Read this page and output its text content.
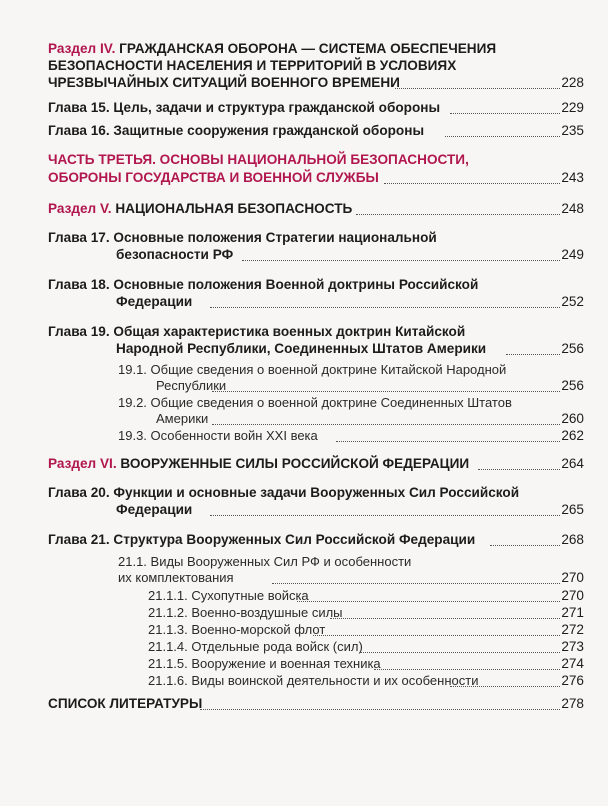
Раздел IV. ГРАЖДАНСКАЯ ОБОРОНА — СИСТЕМА ОБЕСПЕЧЕНИЯ
БЕЗОПАСНОСТИ НАСЕЛЕНИЯ И ТЕРРИТОРИЙ В УСЛОВИЯХ
ЧРЕЗВЫЧАЙНЫХ СИТУАЦИЙ ВОЕННОГО ВРЕМЕНИ	228
Глава 15. Цель, задачи и структура гражданской обороны	229
Глава 16. Защитные сооружения гражданской обороны	235
ЧАСТЬ ТРЕТЬЯ. ОСНОВЫ НАЦИОНАЛЬНОЙ БЕЗОПАСНОСТИ,
ОБОРОНЫ ГОСУДАРСТВА И ВОЕННОЙ СЛУЖБЫ	243
Раздел V. НАЦИОНАЛЬНАЯ БЕЗОПАСНОСТЬ	248
Глава 17. Основные положения Стратегии национальной
безопасности РФ	249
Глава 18. Основные положения Военной доктрины Российской
Федерации	252
Глава 19. Общая характеристика военных доктрин Китайской
Народной Республики, Соединенных Штатов Америки	256
19.1. Общие сведения о военной доктрине Китайской Народной
Республики	256
19.2. Общие сведения о военной доктрине Соединенных Штатов
Америки	260
19.3. Особенности войн XXI века	262
Раздел VI. ВООРУЖЕННЫЕ СИЛЫ РОССИЙСКОЙ ФЕДЕРАЦИИ	264
Глава 20. Функции и основные задачи Вооруженных Сил Российской
Федерации	265
Глава 21. Структура Вооруженных Сил Российской Федерации	268
21.1. Виды Вооруженных Сил РФ и особенности
их комплектования	270
21.1.1. Сухопутные войска	270
21.1.2. Военно-воздушные силы	271
21.1.3. Военно-морской флот	272
21.1.4. Отдельные рода войск (сил)	273
21.1.5. Вооружение и военная техника	274
21.1.6. Виды воинской деятельности и их особенности	276
СПИСОК ЛИТЕРАТУРЫ	278
